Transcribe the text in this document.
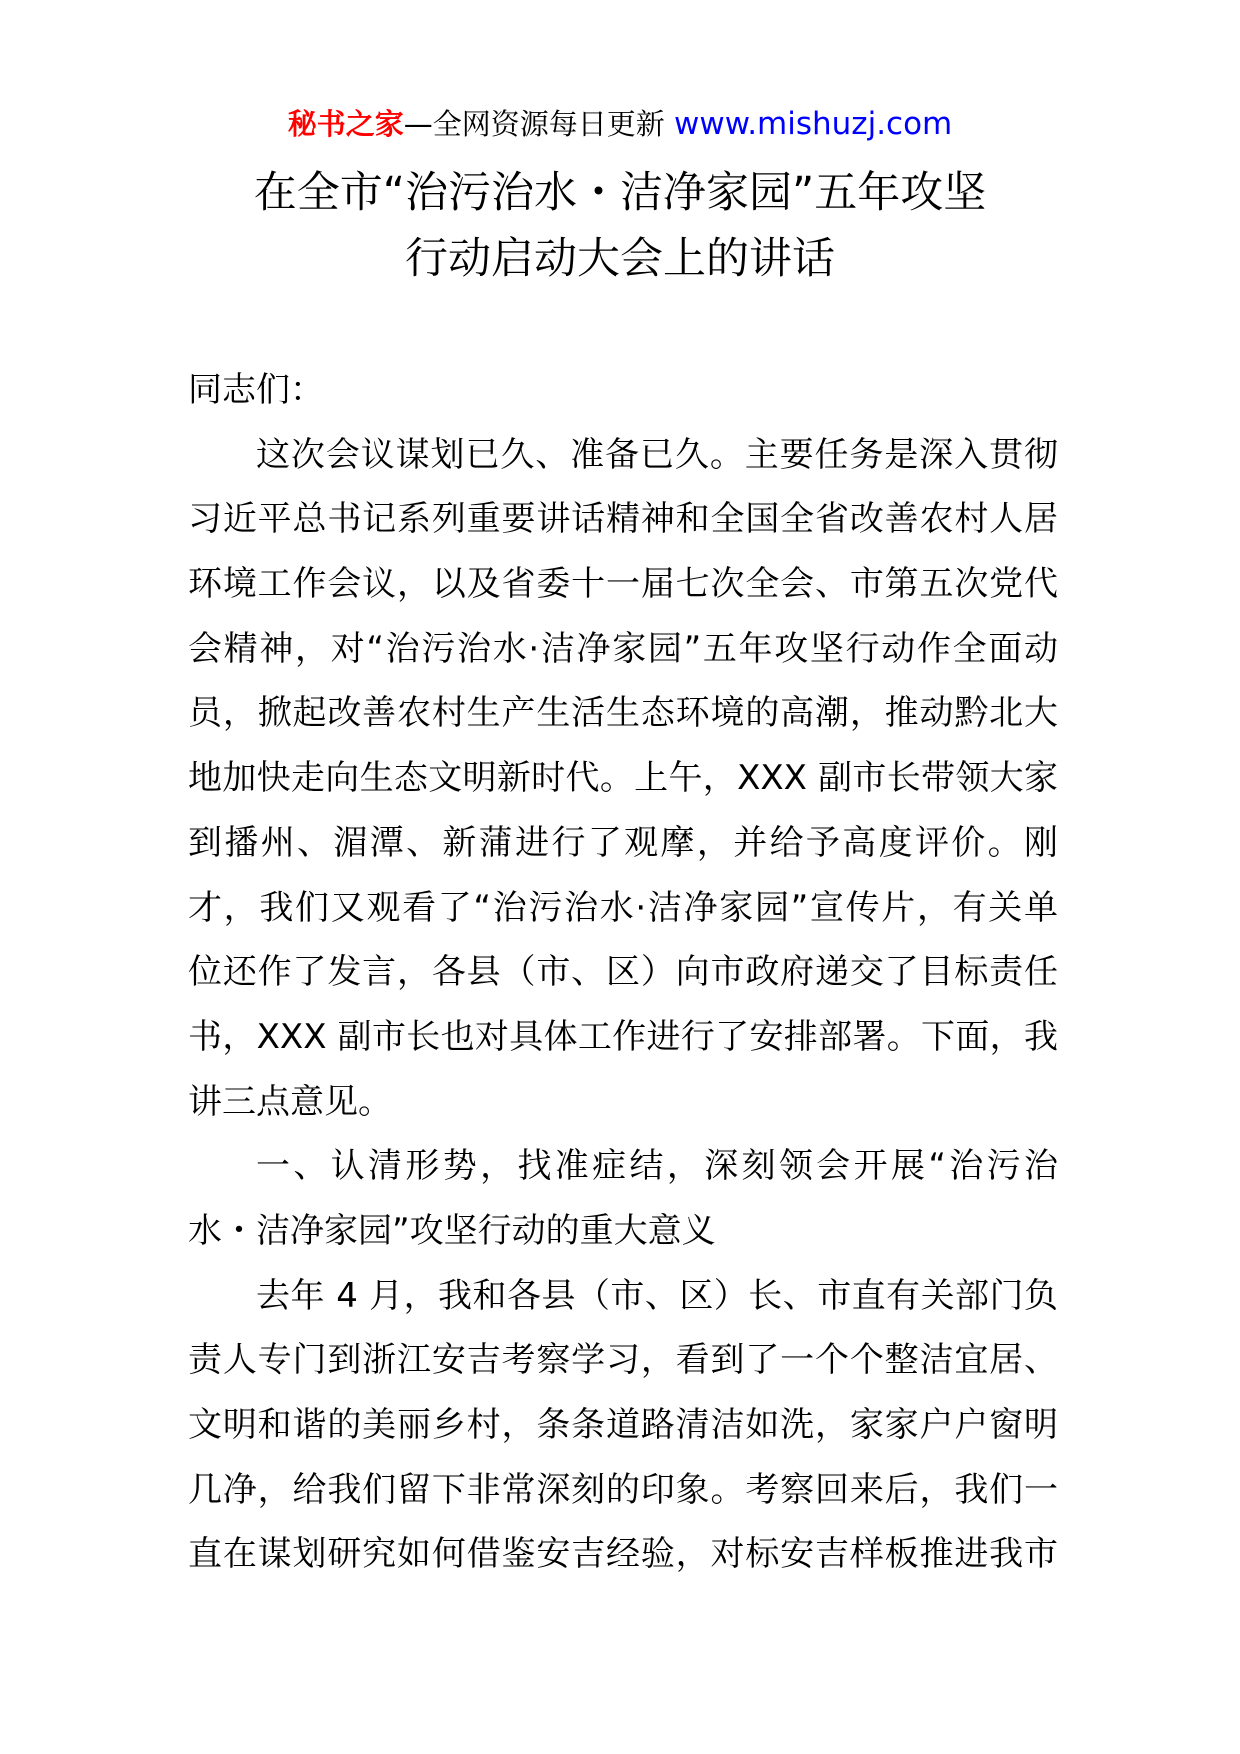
秘书之家—全网资源每日更新 www.mishuzj.com
在全市“治污治水・洁净家园”五年攻坚
行动启动大会上的讲话
同志们：
这次会议谋划已久、准备已久。主要任务是深入贯彻
习近平总书记系列重要讲话精神和全国全省改善农村人居
环境工作会议，以及省委十一届七次全会、市第五次党代
会精神，对“治污治水·洁净家园”五年攻坚行动作全面动
员，掀起改善农村生产生活生态环境的高潮，推动黔北大
地加快走向生态文明新时代。上午，XXX 副市长带领大家
到播州、湄潭、新蒲进行了观摩，并给予高度评价。刚
才，我们又观看了“治污治水·洁净家园”宣传片，有关单
位还作了发言，各县（市、区）向市政府递交了目标责任
书，XXX 副市长也对具体工作进行了安排部署。下面，我
讲三点意见。
一、认清形势，找准症结，深刻领会开展“治污治
水・洁净家园”攻坚行动的重大意义
去年 4 月，我和各县（市、区）长、市直有关部门负
责人专门到浙江安吉考察学习，看到了一个个整洁宜居、
文明和谐的美丽乡村，条条道路清洁如洗，家家户户窗明
几净，给我们留下非常深刻的印象。考察回来后，我们一
直在谋划研究如何借鉴安吉经验，对标安吉样板推进我市
